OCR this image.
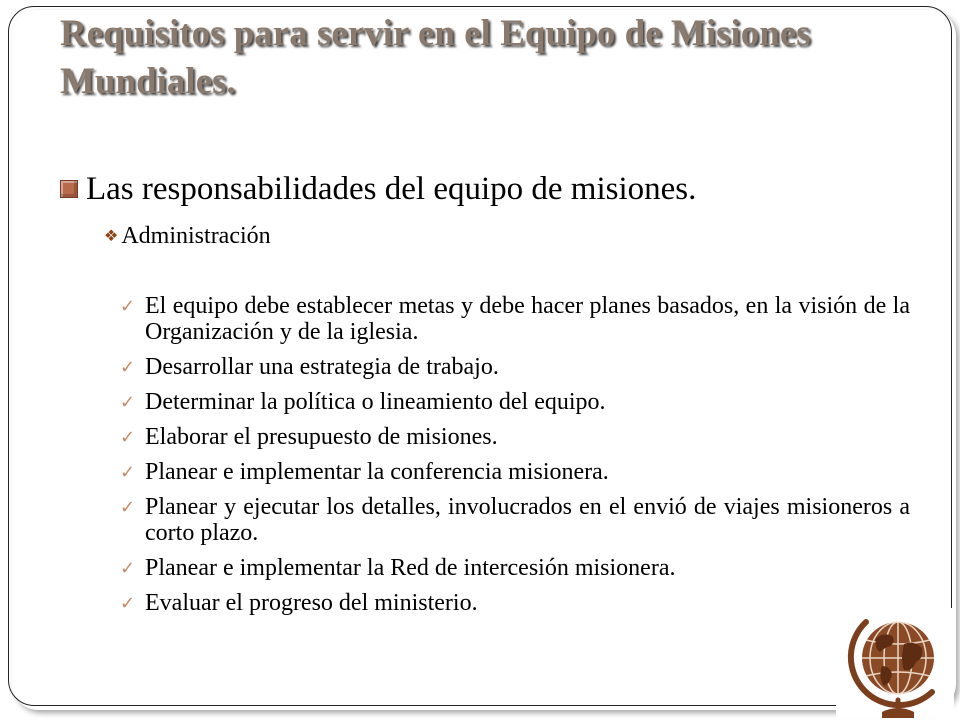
Requisitos para servir en el Equipo de Misiones Mundiales.
Las responsabilidades del equipo de misiones.
❖ Administración
✓ El equipo debe establecer metas y debe hacer planes basados, en la visión de la Organización y de la iglesia.
✓ Desarrollar una estrategia de trabajo.
✓ Determinar la política o lineamiento del equipo.
✓ Elaborar el presupuesto de misiones.
✓ Planear e implementar la conferencia misionera.
✓ Planear y ejecutar los detalles, involucrados en el envió de viajes misioneros a corto plazo.
✓ Planear e implementar la Red de intercesión misionera.
✓ Evaluar el progreso del ministerio.
